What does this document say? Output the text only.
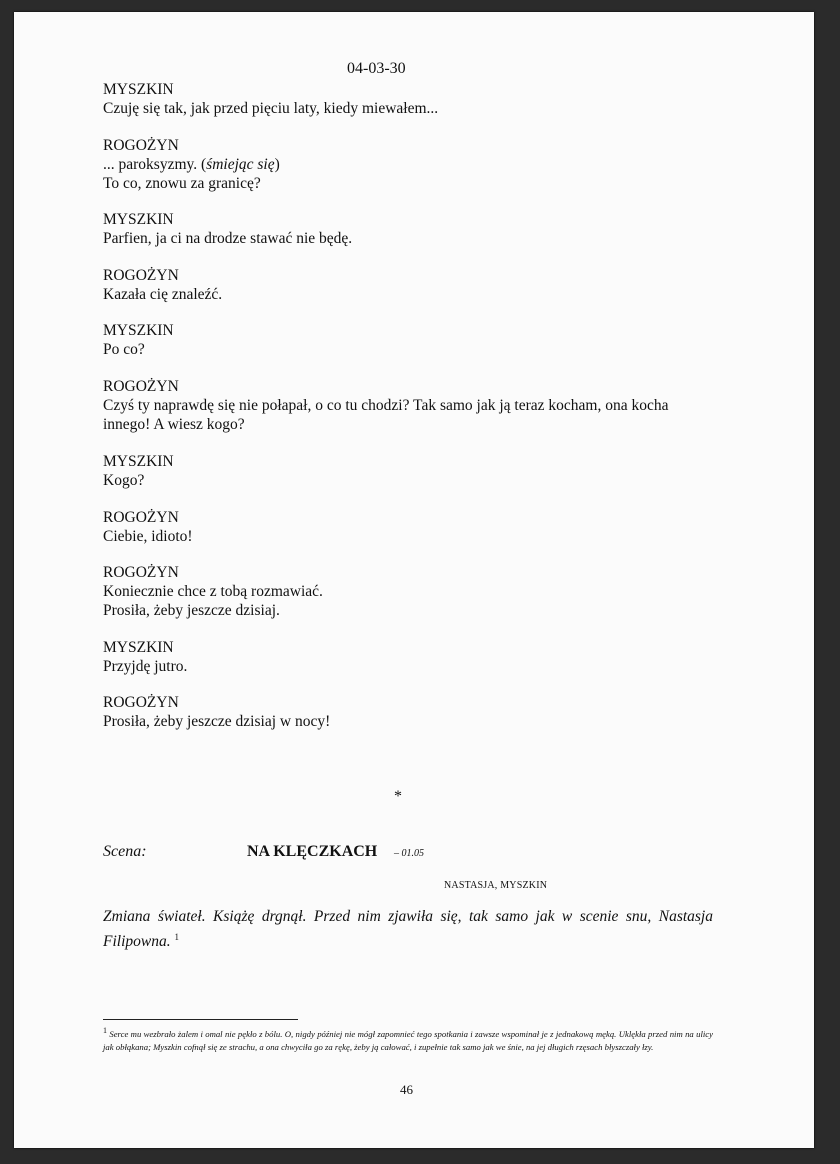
04-03-30
MYSZKIN
Czuję się tak, jak przed pięciu laty, kiedy miewałem...
ROGOŻYN
... paroksyzmy. (śmiejąc się)
To co, znowu za granicę?
MYSZKIN
Parfien, ja ci na drodze stawać nie będę.
ROGOŻYN
Kazała cię znaleźć.
MYSZKIN
Po co?
ROGOŻYN
Czyś ty naprawdę się nie połapał, o co tu chodzi? Tak samo jak ją teraz kocham, ona kocha
innego! A wiesz kogo?
MYSZKIN
Kogo?
ROGOŻYN
Ciebie, idioto!
ROGOŻYN
Koniecznie chce z tobą rozmawiać.
Prosiła, żeby jeszcze dzisiaj.
MYSZKIN
Przyjdę jutro.
ROGOŻYN
Prosiła, żeby jeszcze dzisiaj w nocy!
*
Scena:	NA KLĘCZKACH – 01.05
NASTASJA, MYSZKIN
Zmiana świateł. Książę drgnął. Przed nim zjawiła się, tak samo jak w scenie snu, Nastasja Filipowna. $^1$
1 Serce mu wezbrało żalem i omal nie pękło z bólu. O, nigdy później nie mógł zapomnieć tego spotkania i zawsze wspominał je z jednakową męką. Uklękła przed nim na ulicy jak obłąkana; Myszkin cofnął się ze strachu, a ona chwyciła go za rękę, żeby ją całować, i zupełnie tak samo jak we śnie, na jej długich rzęsach błyszczały łzy.
46
